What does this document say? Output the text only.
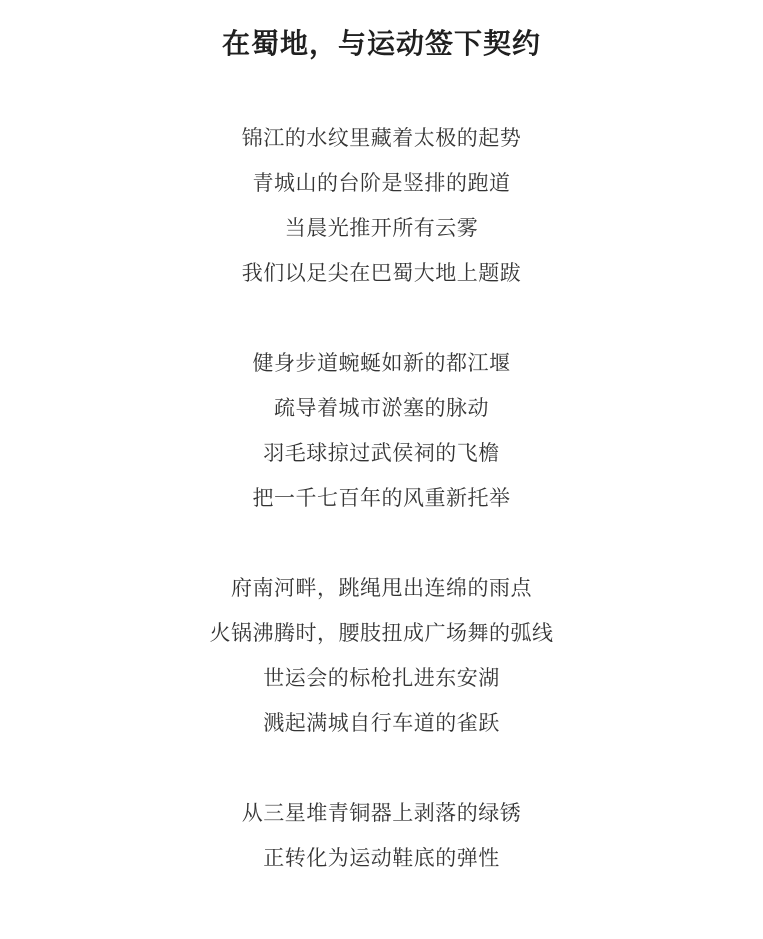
在蜀地，与运动签下契约

锦江的水纹里藏着太极的起势

青城山的台阶是竖排的跑道

当晨光推开所有云雾

我们以足尖在巴蜀大地上题跋

健身步道蜿蜒如新的都江堰

疏导着城市淤塞的脉动

羽毛球掠过武侯祠的飞檐

把一千七百年的风重新托举

府南河畔，跳绳甩出连绵的雨点

火锅沸腾时，腰肢扭成广场舞的弧线

世运会的标枪扎进东安湖

溅起满城自行车道的雀跃

从三星堆青铜器上剥落的绿锈

正转化为运动鞋底的弹性
